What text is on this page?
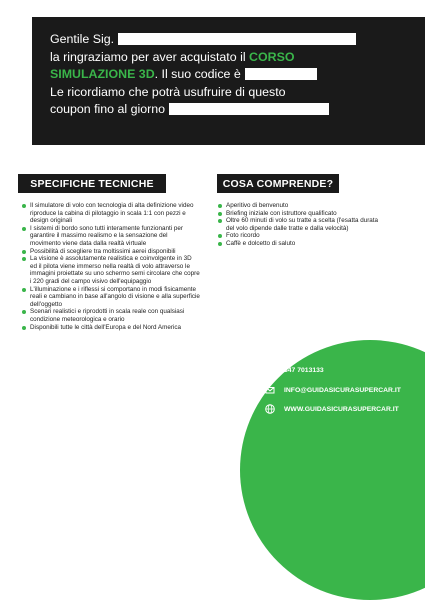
Gentile Sig.
la ringraziamo per aver acquistato il CORSO
SIMULAZIONE 3D. Il suo codice è
Le ricordiamo che potrà usufruire di questo
coupon fino al giorno
SPECIFICHE TECNICHE
Il simulatore di volo con tecnologia di alta definizione video riproduce la cabina di pilotaggio in scala 1:1 con pezzi e design originali
I sistemi di bordo sono tutti interamente funzionanti per garantire il massimo realismo e la sensazione del movimento viene data dalla realtà virtuale
Possibilità di scegliere tra moltissimi aerei disponibili
La visione è assolutamente realistica e coinvolgente in 3D ed il pilota viene immerso nella realtà di volo attraverso le immagini proiettate su uno schermo semi circolare che copre i 220 gradi del campo visivo dell'equipaggio
L'illuminazione e i riflessi si comportano in modi fisicamente reali e cambiano in base all'angolo di visione e alla superficie dell'oggetto
Scenari realistici e riprodotti in scala reale con qualsiasi condizione meteorologica e orario
Disponibili tutte le città dell'Europa e del Nord America
COSA COMPRENDE?
Aperitivo di benvenuto
Briefing iniziale con istruttore qualificato
Oltre 60 minuti di volo su tratte a scelta (l'esatta durata del volo dipende dalle tratte e dalla velocità)
Foto ricordo
Caffè e dolcetto di saluto
347 7013133
INFO@GUIDASICURASUPERCAR.IT
WWW.GUIDASICURASUPERCAR.IT
